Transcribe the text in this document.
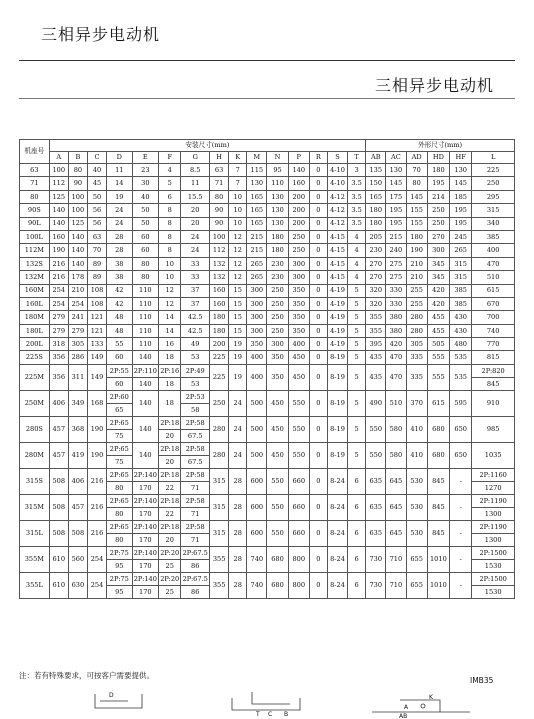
三相异步电动机
三相异步电动机
机座号	安装尺寸(mm)															外形尺寸(mm)					
	A	B	C	D	E	F	G	H	K	M	N	P	R	S	T	AB	AC	AD	HD	HF	L
63	100	80	40	11	23	4	8.5	63	7	115	95	140	0	4-10	3	135	130	70	180	130	225
71	112	90	45	14	30	5	11	71	7	130	110	160	0	4-10	3.5	150	145	80	195	145	250
80	125	100	50	19	40	6	15.5	80	10	165	130	200	0	4-12	3.5	165	175	145	214	185	295
90S	140	100	56	24	50	8	20	90	10	165	130	200	0	4-12	3.5	180	195	155	250	195	315
90L	140	125	56	24	50	8	20	90	10	165	130	200	0	4-12	3.5	180	195	155	250	195	340
100L	160	140	63	28	60	8	24	100	12	215	180	250	0	4-15	4	205	215	180	270	245	385
112M	190	140	70	28	60	8	24	112	12	215	180	250	0	4-15	4	230	240	190	300	265	400
132S	216	140	89	38	80	10	33	132	12	265	230	300	0	4-15	4	270	275	210	345	315	470
132M	216	178	89	38	80	10	33	132	12	265	230	300	0	4-15	4	270	275	210	345	315	510
160M	254	210	108	42	110	12	37	160	15	300	250	350	0	4-19	5	320	330	255	420	385	615
160L	254	254	108	42	110	12	37	160	15	300	250	350	0	4-19	5	320	330	255	420	385	670
180M	279	241	121	48	110	14	42.5	180	15	300	250	350	0	4-19	5	355	380	280	455	430	700
180L	279	279	121	48	110	14	42.5	180	15	300	250	350	0	4-19	5	355	380	280	455	430	740
200L	318	305	133	55	110	16	49	200	19	350	300	400	0	4-19	5	395	420	305	505	480	770
225S	356	286	149	60	140	18	53	225	19	400	350	450	0	8-19	5	435	470	335	555	535	815
225M	356	311	149	2P:55	2P:110	2P:16	2P:49	225	19	400	350	450	0	8-19	5	435	470	335	555	535	2P:820
				60	140	18	53														845
250M	406	349	168	2P:60	140	18	2P:53	250	24	500	450	550	0	8-19	5	490	510	370	615	595	910
				65			58														
280S	457	368	190	2P:65	140	2P:18	2P:58	280	24	500	450	550	0	8-19	5	550	580	410	680	650	985
				75		20	67.5														
280M	457	419	190	2P:65	140	2P:18	2P:58	280	24	500	450	550	0	8-19	5	550	580	410	680	650	1035
				75		20	67.5														
315S	508	406	216	2P:65	2P:140	2P:18	2P:58	315	28	600	550	660	0	8-24	6	635	645	530	845	-	2P:1160
				80	170	22	71														1270
315M	508	457	216	2P:65	2P:140	2P:18	2P:58	315	28	600	550	660	0	8-24	6	635	645	530	845	-	2P:1190
				80	170	22	71														1300
315L	508	508	216	2P:65	2P:140	2P:18	2P:58	315	28	600	550	660	0	8-24	6	635	645	530	845	-	2P:1190
				80	170	20	71														1300
355M	610	560	254	2P:75	2P:140	2P:20	2P:67.5	355	28	740	680	800	0	8-24	6	730	710	655	1010	-	2P:1500
				95	170	25	86														1530
355L	610	630	254	2P:75	2P:140	2P:20	2P:67.5	355	28	740	680	800	0	8-24	6	730	710	655	1010	-	2P:1500
				95	170	25	86														1530
注：若有特殊要求，可按客户需要提供。
IMB35
D
T C B
A
AB
K
